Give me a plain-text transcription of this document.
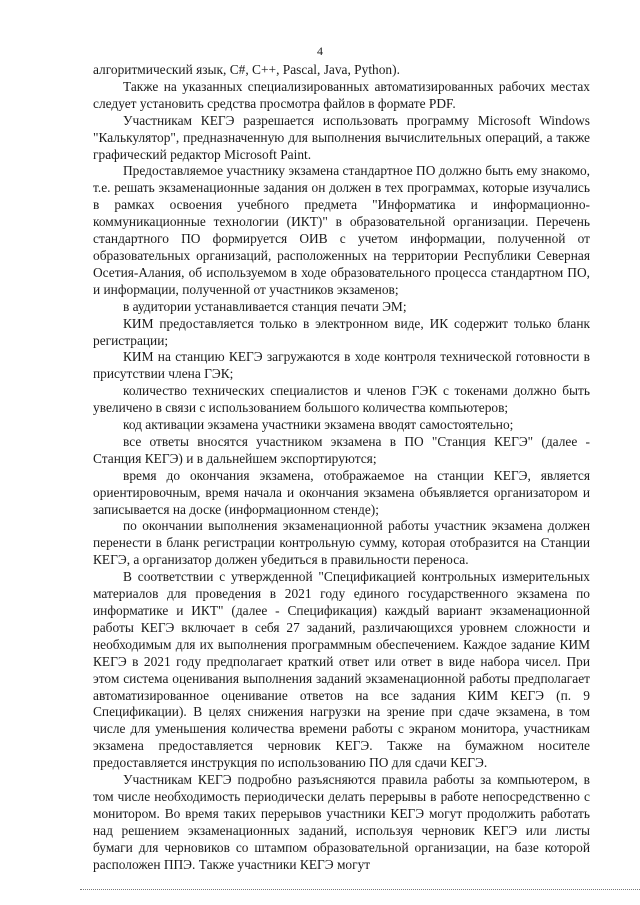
4

алгоритмический язык, C#, C++, Pascal, Java, Python).

Также на указанных специализированных автоматизированных рабочих местах следует установить средства просмотра файлов в формате PDF.

Участникам КЕГЭ разрешается использовать программу Microsoft Windows "Калькулятор", предназначенную для выполнения вычислительных операций, а также графический редактор Microsoft Paint.

Предоставляемое участнику экзамена стандартное ПО должно быть ему знакомо, т.е. решать экзаменационные задания он должен в тех программах, которые изучались в рамках освоения учебного предмета "Информатика и информационно-коммуникационные технологии (ИКТ)" в образовательной организации. Перечень стандартного ПО формируется ОИВ с учетом информации, полученной от образовательных организаций, расположенных на территории Республики Северная Осетия-Алания, об используемом в ходе образовательного процесса стандартном ПО, и информации, полученной от участников экзаменов;

в аудитории устанавливается станция печати ЭМ;

КИМ предоставляется только в электронном виде, ИК содержит только бланк регистрации;

КИМ на станцию КЕГЭ загружаются в ходе контроля технической готовности в присутствии члена ГЭК;

количество технических специалистов и членов ГЭК с токенами должно быть увеличено в связи с использованием большого количества компьютеров;

код активации экзамена участники экзамена вводят самостоятельно;

все ответы вносятся участником экзамена в ПО "Станция КЕГЭ" (далее - Станция КЕГЭ) и в дальнейшем экспортируются;

время до окончания экзамена, отображаемое на станции КЕГЭ, является ориентировочным, время начала и окончания экзамена объявляется организатором и записывается на доске (информационном стенде);

по окончании выполнения экзаменационной работы участник экзамена должен перенести в бланк регистрации контрольную сумму, которая отобразится на Станции КЕГЭ, а организатор должен убедиться в правильности переноса.

В соответствии с утвержденной "Спецификацией контрольных измерительных материалов для проведения в 2021 году единого государственного экзамена по информатике и ИКТ" (далее - Спецификация) каждый вариант экзаменационной работы КЕГЭ включает в себя 27 заданий, различающихся уровнем сложности и необходимым для их выполнения программным обеспечением. Каждое задание КИМ КЕГЭ в 2021 году предполагает краткий ответ или ответ в виде набора чисел. При этом система оценивания выполнения заданий экзаменационной работы предполагает автоматизированное оценивание ответов на все задания КИМ КЕГЭ (п. 9 Спецификации). В целях снижения нагрузки на зрение при сдаче экзамена, в том числе для уменьшения количества времени работы с экраном монитора, участникам экзамена предоставляется черновик КЕГЭ. Также на бумажном носителе предоставляется инструкция по использованию ПО для сдачи КЕГЭ.

Участникам КЕГЭ подробно разъясняются правила работы за компьютером, в том числе необходимость периодически делать перерывы в работе непосредственно с монитором. Во время таких перерывов участники КЕГЭ могут продолжить работать над решением экзаменационных заданий, используя черновик КЕГЭ или листы бумаги для черновиков со штампом образовательной организации, на базе которой расположен ППЭ. Также участники КЕГЭ могут
